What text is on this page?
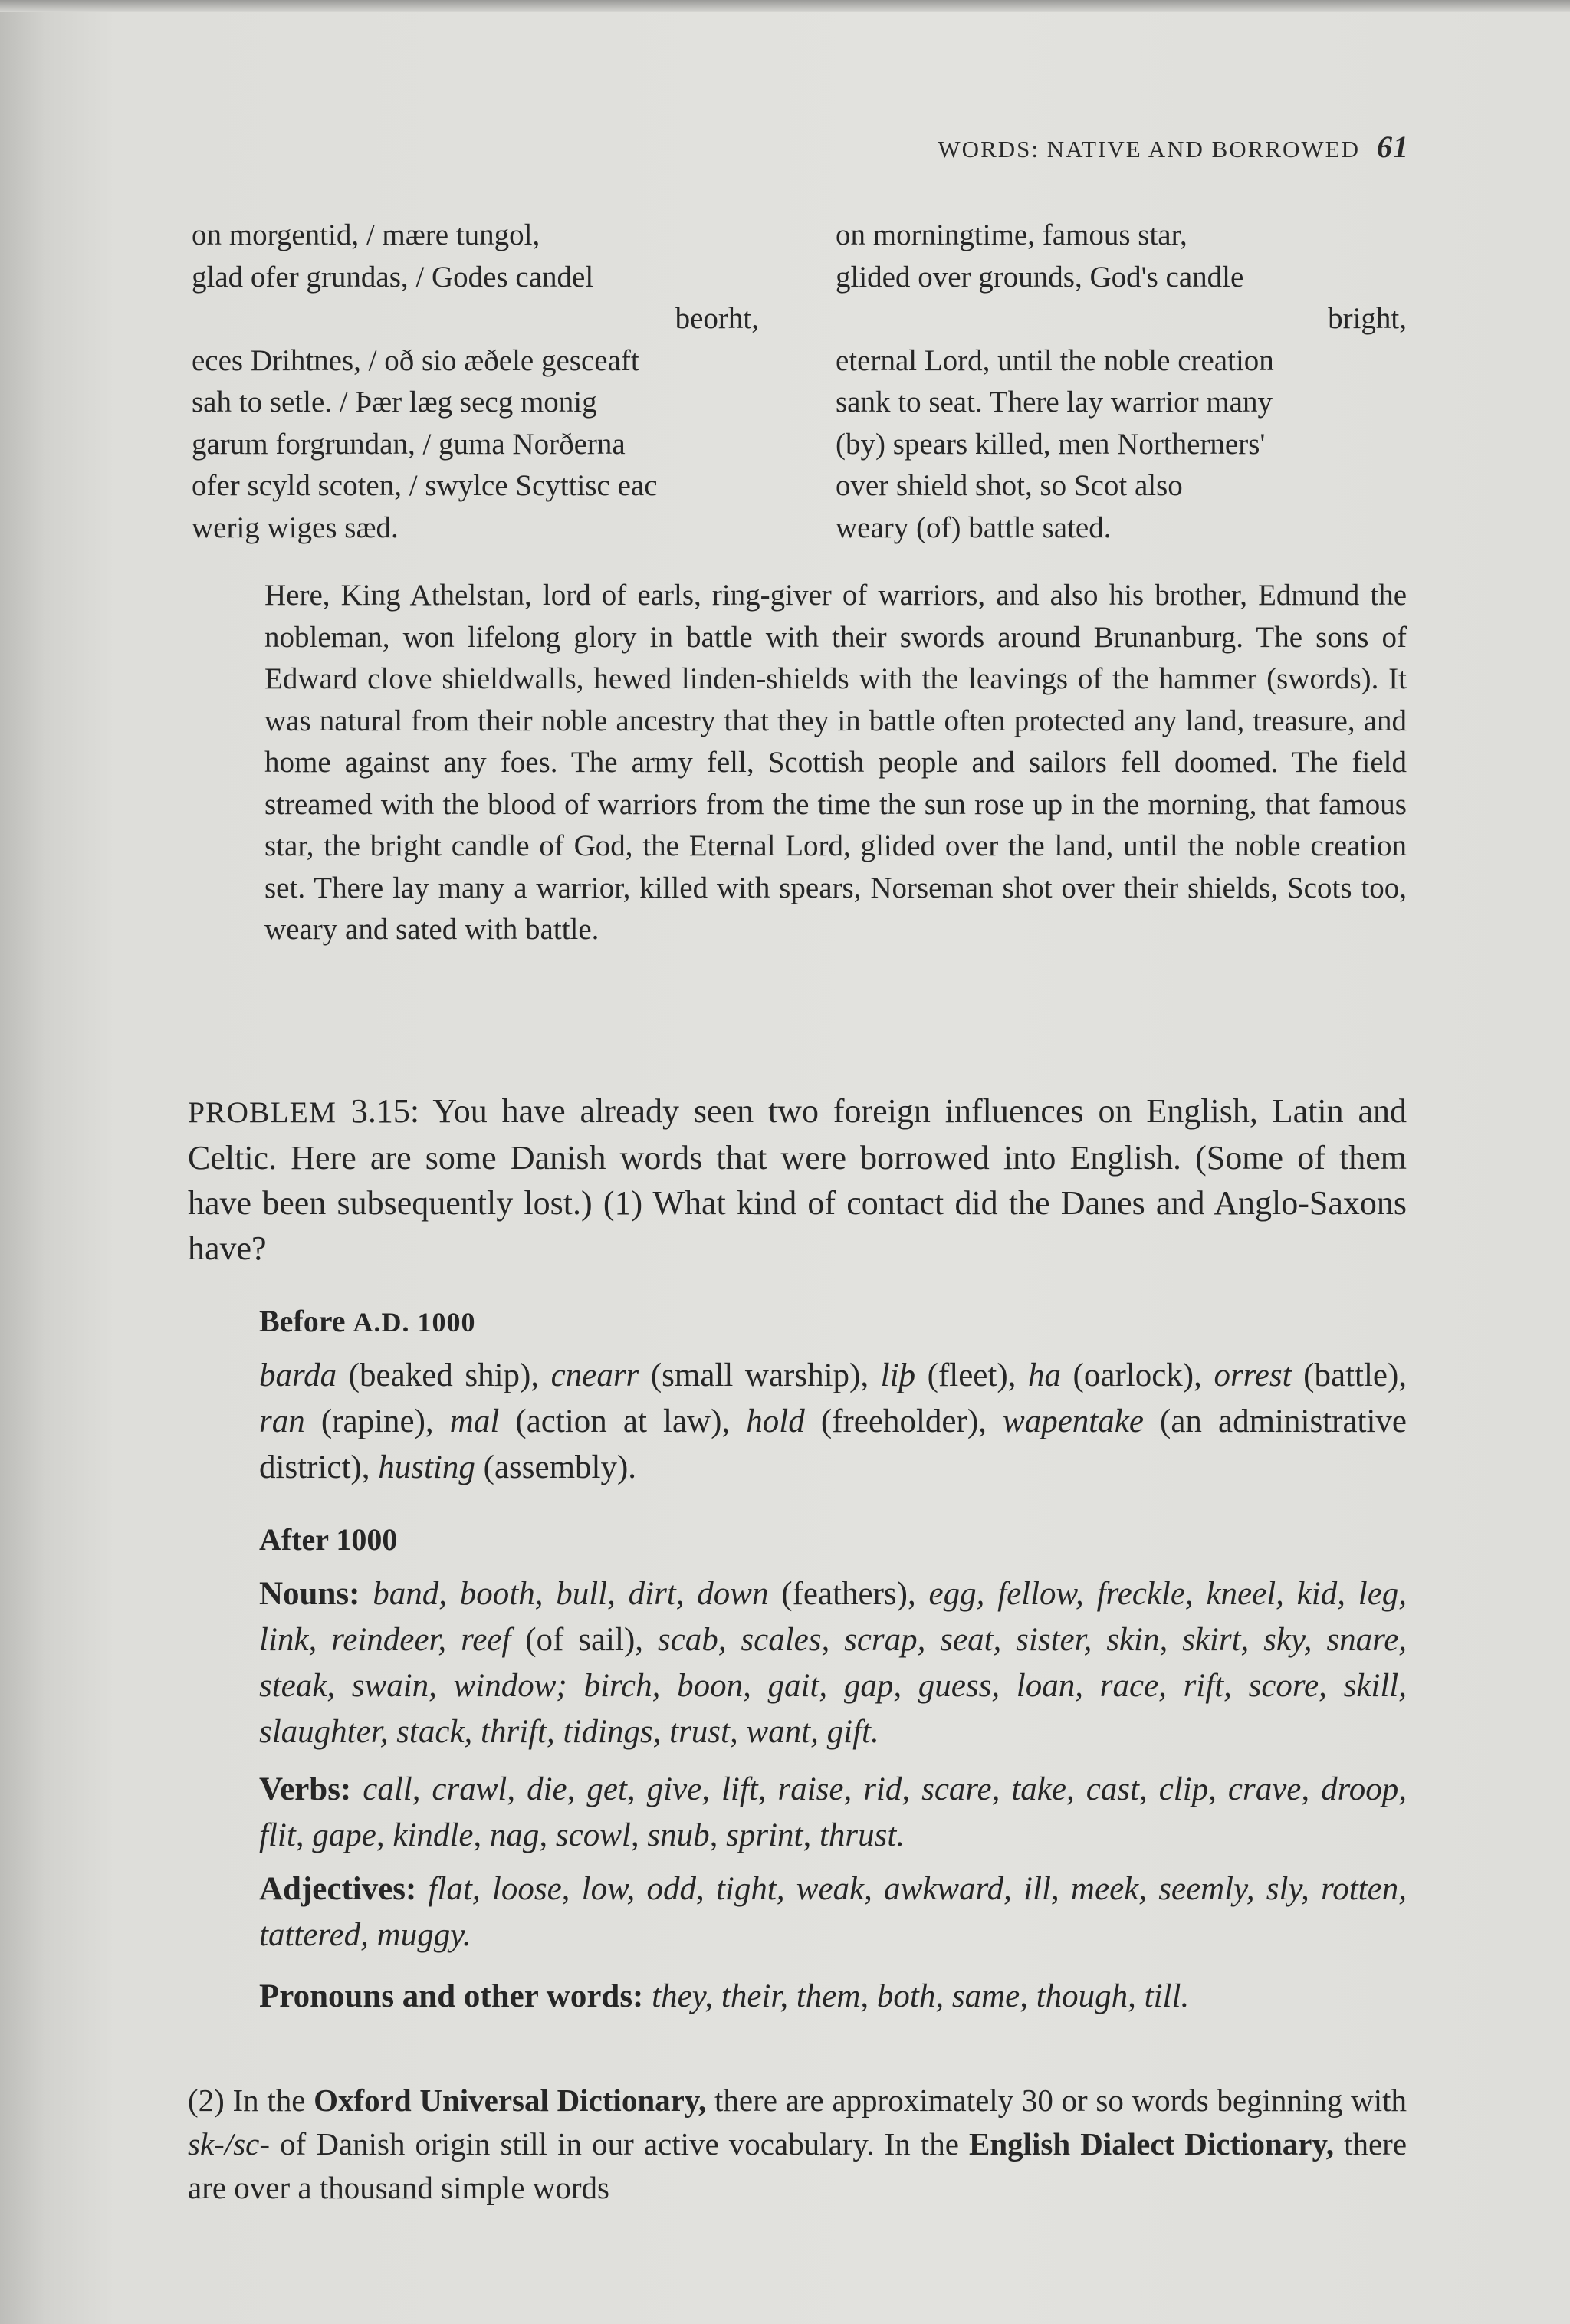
WORDS: NATIVE AND BORROWED 61
on morgentid, / mære tungol,
glad ofer grundas, / Godes candel
beorht,
eces Drihtnes, / oð sio æðele gesceaft
sah to setle. / Þær læg secg monig
garum forgrundan, / guma Norðerna
ofer scyld scoten, / swylce Scyttisc eac
werig wiges sæd.
on morningtime, famous star,
glided over grounds, God's candle
bright,
eternal Lord, until the noble creation
sank to seat. There lay warrior many
(by) spears killed, men Northerners'
over shield shot, so Scot also
weary (of) battle sated.
Here, King Athelstan, lord of earls, ring-giver of warriors, and also his brother, Edmund the nobleman, won lifelong glory in battle with their swords around Brunanburg. The sons of Edward clove shieldwalls, hewed linden-shields with the leavings of the hammer (swords). It was natural from their noble ancestry that they in battle often protected any land, treasure, and home against any foes. The army fell, Scottish people and sailors fell doomed. The field streamed with the blood of warriors from the time the sun rose up in the morning, that famous star, the bright candle of God, the Eternal Lord, glided over the land, until the noble creation set. There lay many a warrior, killed with spears, Norseman shot over their shields, Scots too, weary and sated with battle.
PROBLEM 3.15: You have already seen two foreign influences on English, Latin and Celtic. Here are some Danish words that were borrowed into English. (Some of them have been subsequently lost.) (1) What kind of contact did the Danes and Anglo-Saxons have?
Before A.D. 1000
barda (beaked ship), cnearr (small warship), liþ (fleet), ha (oarlock), orrest (battle), ran (rapine), mal (action at law), hold (freeholder), wapentake (an administrative district), husting (assembly).
After 1000
Nouns: band, booth, bull, dirt, down (feathers), egg, fellow, freckle, kneel, kid, leg, link, reindeer, reef (of sail), scab, scales, scrap, seat, sister, skin, skirt, sky, snare, steak, swain, window; birch, boon, gait, gap, guess, loan, race, rift, score, skill, slaughter, stack, thrift, tidings, trust, want, gift.
Verbs: call, crawl, die, get, give, lift, raise, rid, scare, take, cast, clip, crave, droop, flit, gape, kindle, nag, scowl, snub, sprint, thrust.
Adjectives: flat, loose, low, odd, tight, weak, awkward, ill, meek, seemly, sly, rotten, tattered, muggy.
Pronouns and other words: they, their, them, both, same, though, till.
(2) In the Oxford Universal Dictionary, there are approximately 30 or so words beginning with sk-/sc- of Danish origin still in our active vocabulary. In the English Dialect Dictionary, there are over a thousand simple words
